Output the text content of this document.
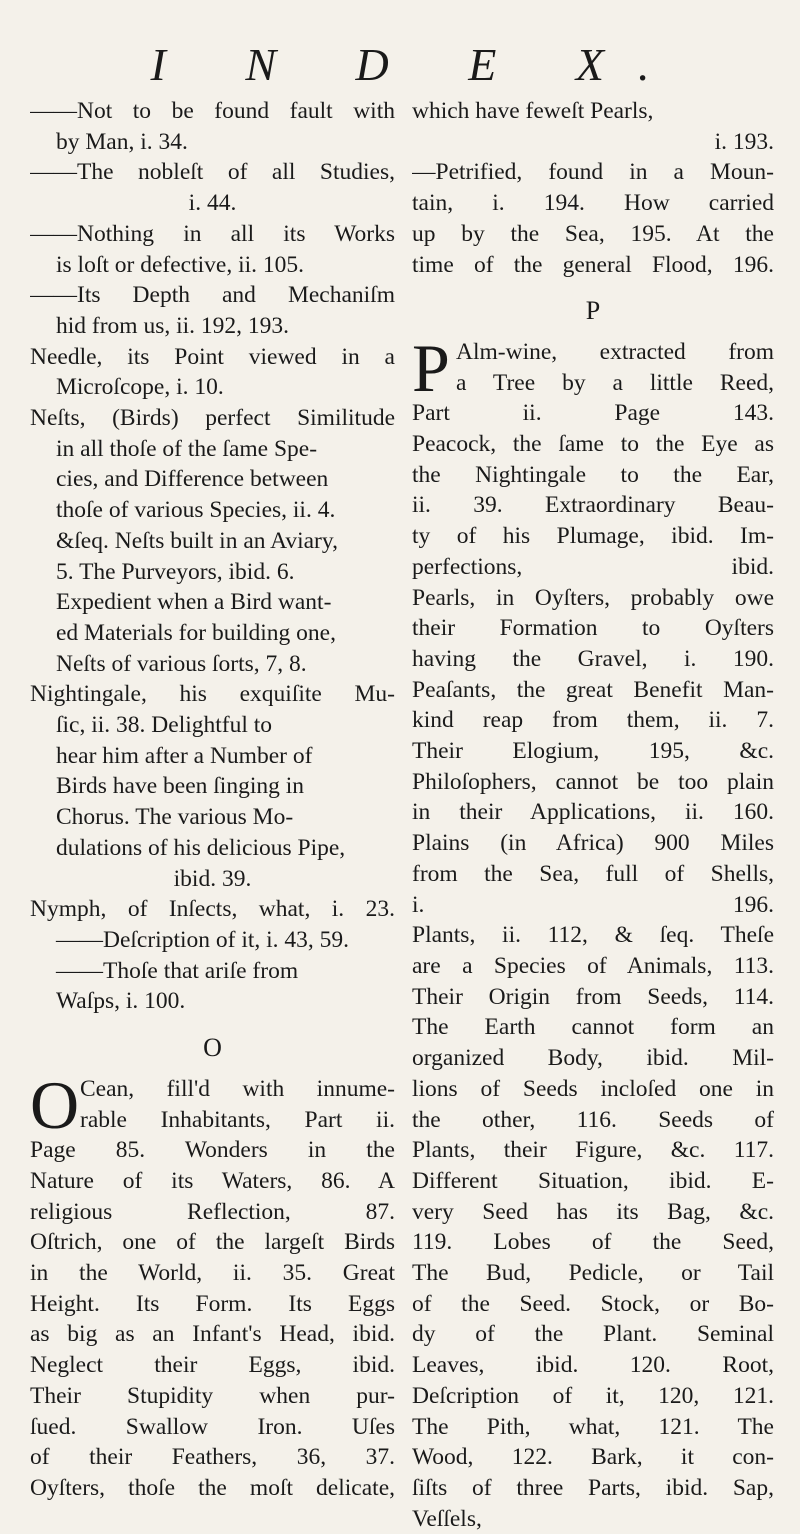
I N D E X.
——Not to be found fault with
by Man, i. 34.
——The nobleſt of all Studies,
i. 44.
——Nothing in all its Works
is loſt or defective, ii. 105.
——Its Depth and Mechaniſm
hid from us, ii. 192, 193.
Needle, its Point viewed in a
Microſcope, i. 10.
Neſts, (Birds) perfect Similitude
in all thoſe of the ſame Spe-
cies, and Difference between
thoſe of various Species, ii. 4.
&ſeq. Neſts built in an Aviary,
5. The Purveyors, ibid. 6.
Expedient when a Bird want-
ed Materials for building one,
Neſts of various ſorts, 7, 8.
Nightingale, his exquiſite Mu-
ſic, ii. 38. Delightful to
hear him after a Number of
Birds have been ſinging in
Chorus. The various Mo-
dulations of his delicious Pipe,
ibid. 39.
Nymph, of Inſects, what, i. 23.
——Deſcription of it, i. 43, 59.
——Thoſe that ariſe from
Waſps, i. 100.
O
O Cean, fill'd with innume-
rable Inhabitants, Part ii.
Page 85. Wonders in the
Nature of its Waters, 86. A
religious Reflection, 87.
Oſtrich, one of the largeſt Birds
in the World, ii. 35. Great
Height. Its Form. Its Eggs
as big as an Infant's Head, ibid.
Neglect their Eggs, ibid.
Their Stupidity when pur-
ſued. Swallow Iron. Uſes
of their Feathers, 36, 37.
Oyſters, thoſe the moſt delicate,
which have feweſt Pearls,
i. 193.
—Petrified, found in a Moun-
tain, i. 194. How carried
up by the Sea, 195. At the
time of the general Flood, 196.
P
P Alm-wine, extracted from
a Tree by a little Reed,
Part ii. Page 143.
Peacock, the ſame to the Eye as
the Nightingale to the Ear,
ii. 39. Extraordinary Beau-
ty of his Plumage, ibid. Im-
perfections, ibid.
Pearls, in Oyſters, probably owe
their Formation to Oyſters
having the Gravel, i. 190.
Peaſants, the great Benefit Man-
kind reap from them, ii. 7.
Their Elogium, 195, &c.
Philoſophers, cannot be too plain
in their Applications, ii. 160.
Plains (in Africa) 900 Miles
from the Sea, full of Shells,
i. 196.
Plants, ii. 112, & ſeq. Theſe
are a Species of Animals, 113.
Their Origin from Seeds, 114.
The Earth cannot form an
organized Body, ibid. Mil-
lions of Seeds incloſed one in
the other, 116. Seeds of
Plants, their Figure, &c. 117.
Different Situation, ibid. E-
very Seed has its Bag, &c.
119. Lobes of the Seed,
The Bud, Pedicle, or Tail
of the Seed. Stock, or Bo-
dy of the Plant. Seminal
Leaves, ibid. 120. Root,
Deſcription of it, 120, 121.
The Pith, what, 121. The
Wood, 122. Bark, it con-
ſiſts of three Parts, ibid. Sap,
Veſſels,
